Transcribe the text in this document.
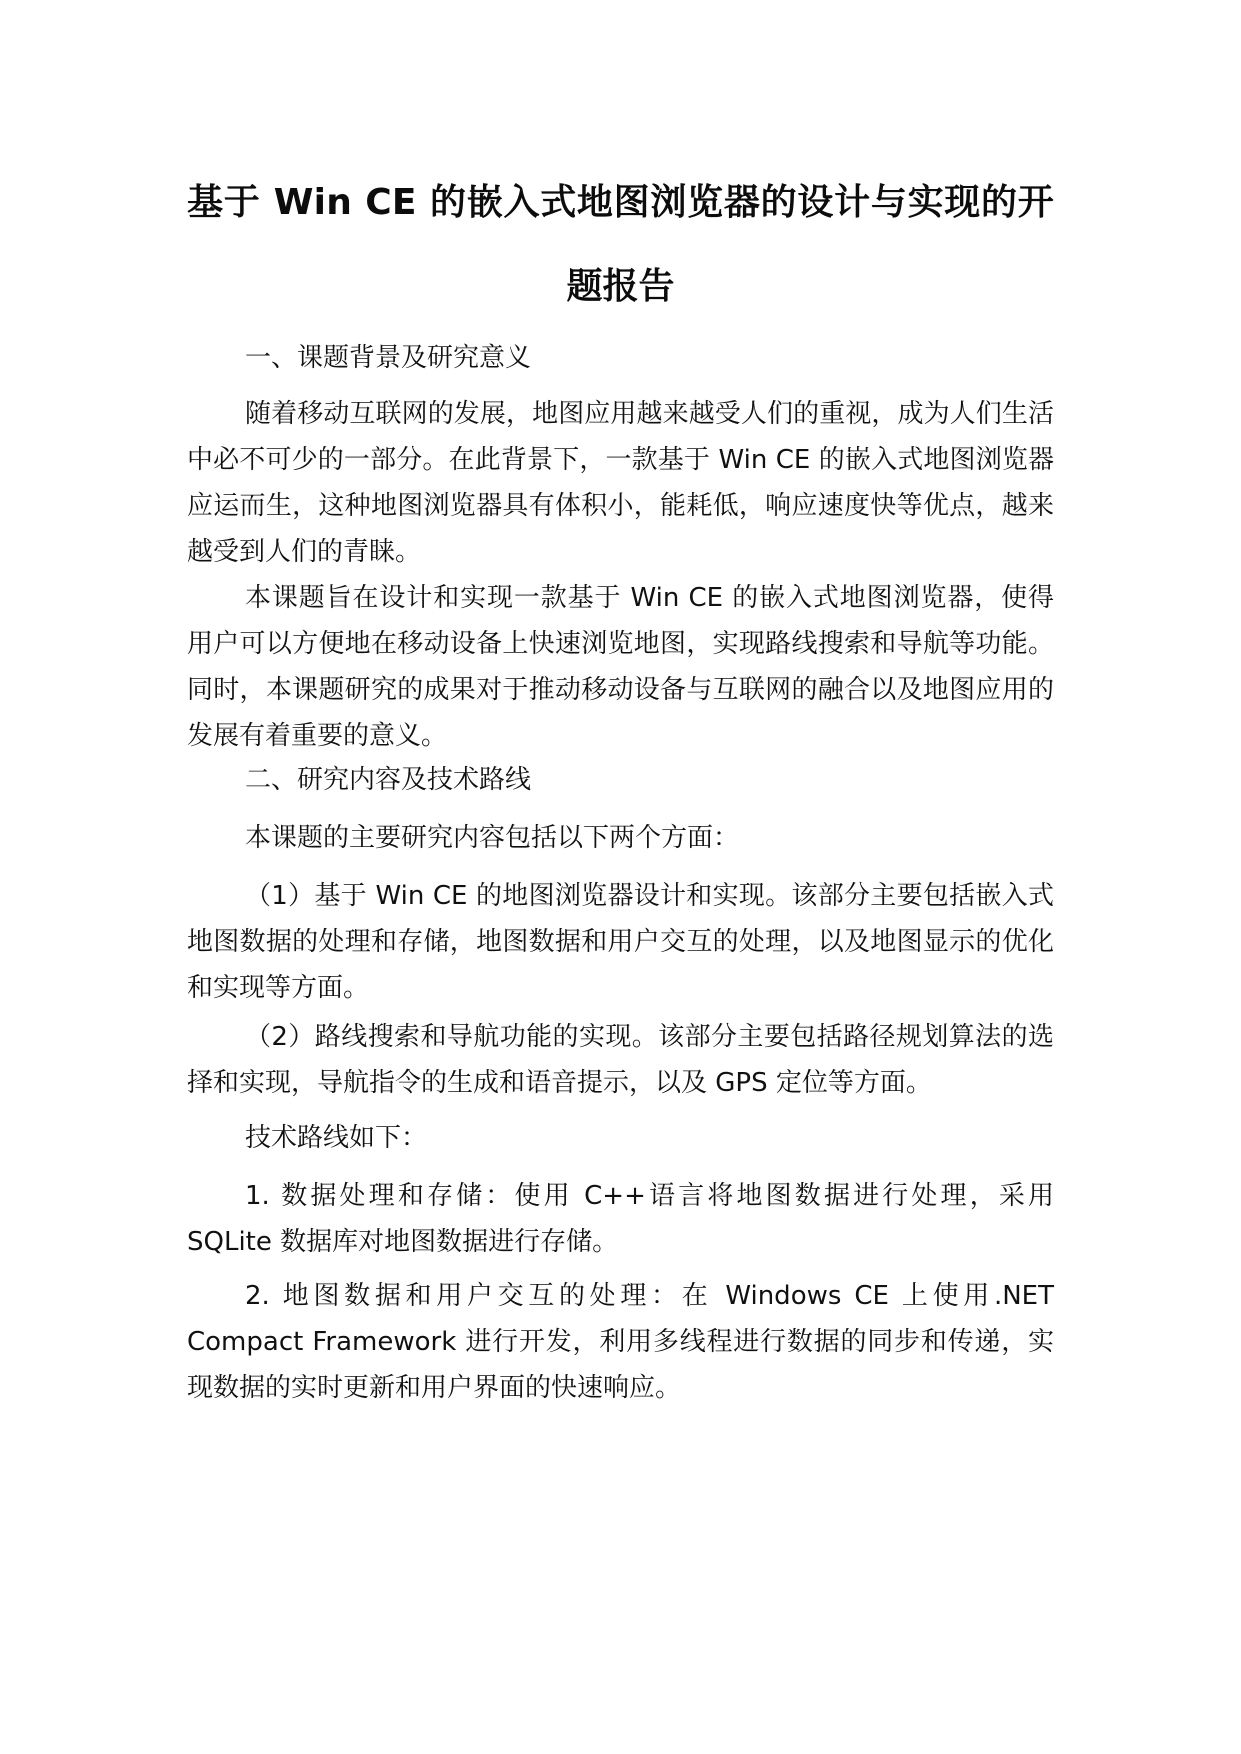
基于 Win CE 的嵌入式地图浏览器的设计与实现的开
题报告

一、课题背景及研究意义

随着移动互联网的发展，地图应用越来越受人们的重视，成为人们生活中必不可少的一部分。在此背景下，一款基于 Win CE 的嵌入式地图浏览器应运而生，这种地图浏览器具有体积小，能耗低，响应速度快等优点，越来越受到人们的青睐。

本课题旨在设计和实现一款基于 Win CE 的嵌入式地图浏览器，使得用户可以方便地在移动设备上快速浏览地图，实现路线搜索和导航等功能。同时，本课题研究的成果对于推动移动设备与互联网的融合以及地图应用的发展有着重要的意义。

二、研究内容及技术路线

本课题的主要研究内容包括以下两个方面：

（1）基于 Win CE 的地图浏览器设计和实现。该部分主要包括嵌入式地图数据的处理和存储，地图数据和用户交互的处理，以及地图显示的优化和实现等方面。

（2）路线搜索和导航功能的实现。该部分主要包括路径规划算法的选择和实现，导航指令的生成和语音提示，以及 GPS 定位等方面。

技术路线如下：

1. 数据处理和存储：使用 C++语言将地图数据进行处理，采用 SQLite 数据库对地图数据进行存储。

2. 地图数据和用户交互的处理：在 Windows CE 上使用.NET Compact Framework 进行开发，利用多线程进行数据的同步和传递，实现数据的实时更新和用户界面的快速响应。
